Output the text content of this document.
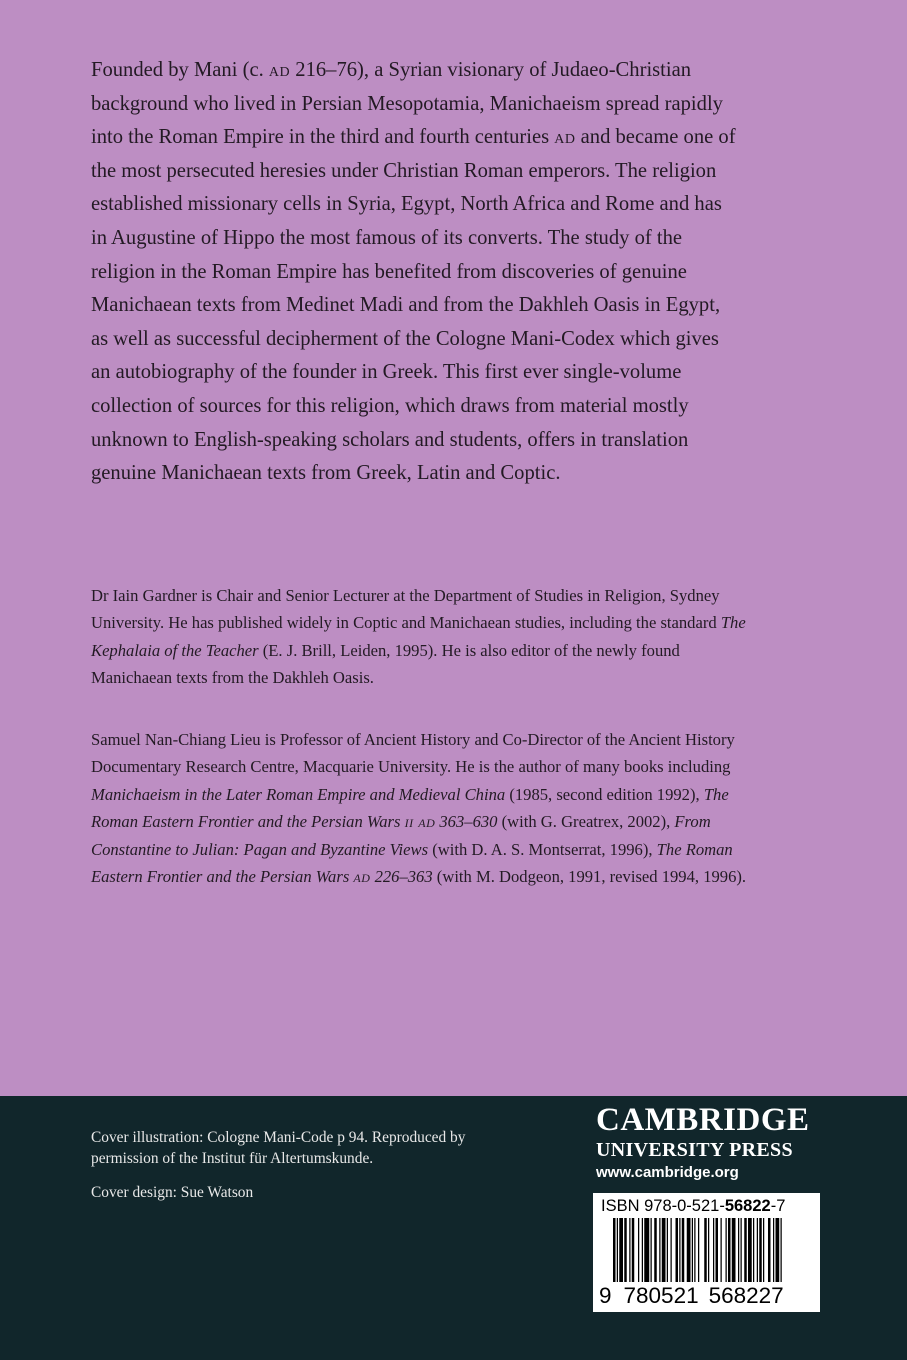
Founded by Mani (c. ad 216–76), a Syrian visionary of Judaeo-Christian background who lived in Persian Mesopotamia, Manichaeism spread rapidly into the Roman Empire in the third and fourth centuries ad and became one of the most persecuted heresies under Christian Roman emperors. The religion established missionary cells in Syria, Egypt, North Africa and Rome and has in Augustine of Hippo the most famous of its converts. The study of the religion in the Roman Empire has benefited from discoveries of genuine Manichaean texts from Medinet Madi and from the Dakhleh Oasis in Egypt, as well as successful decipherment of the Cologne Mani-Codex which gives an autobiography of the founder in Greek. This first ever single-volume collection of sources for this religion, which draws from material mostly unknown to English-speaking scholars and students, offers in translation genuine Manichaean texts from Greek, Latin and Coptic.

Dr Iain Gardner is Chair and Senior Lecturer at the Department of Studies in Religion, Sydney University. He has published widely in Coptic and Manichaean studies, including the standard The Kephalaia of the Teacher (E. J. Brill, Leiden, 1995). He is also editor of the newly found Manichaean texts from the Dakhleh Oasis.

Samuel Nan-Chiang Lieu is Professor of Ancient History and Co-Director of the Ancient History Documentary Research Centre, Macquarie University. He is the author of many books including Manichaeism in the Later Roman Empire and Medieval China (1985, second edition 1992), The Roman Eastern Frontier and the Persian Wars ii ad 363–630 (with G. Greatrex, 2002), From Constantine to Julian: Pagan and Byzantine Views (with D. A. S. Montserrat, 1996), The Roman Eastern Frontier and the Persian Wars ad 226–363 (with M. Dodgeon, 1991, revised 1994, 1996).

Cover illustration: Cologne Mani-Code p 94. Reproduced by permission of the Institut für Altertumskunde.

Cover design: Sue Watson

CAMBRIDGE
UNIVERSITY PRESS
www.cambridge.org
ISBN 978-0-521-56822-7
9 780521 568227
